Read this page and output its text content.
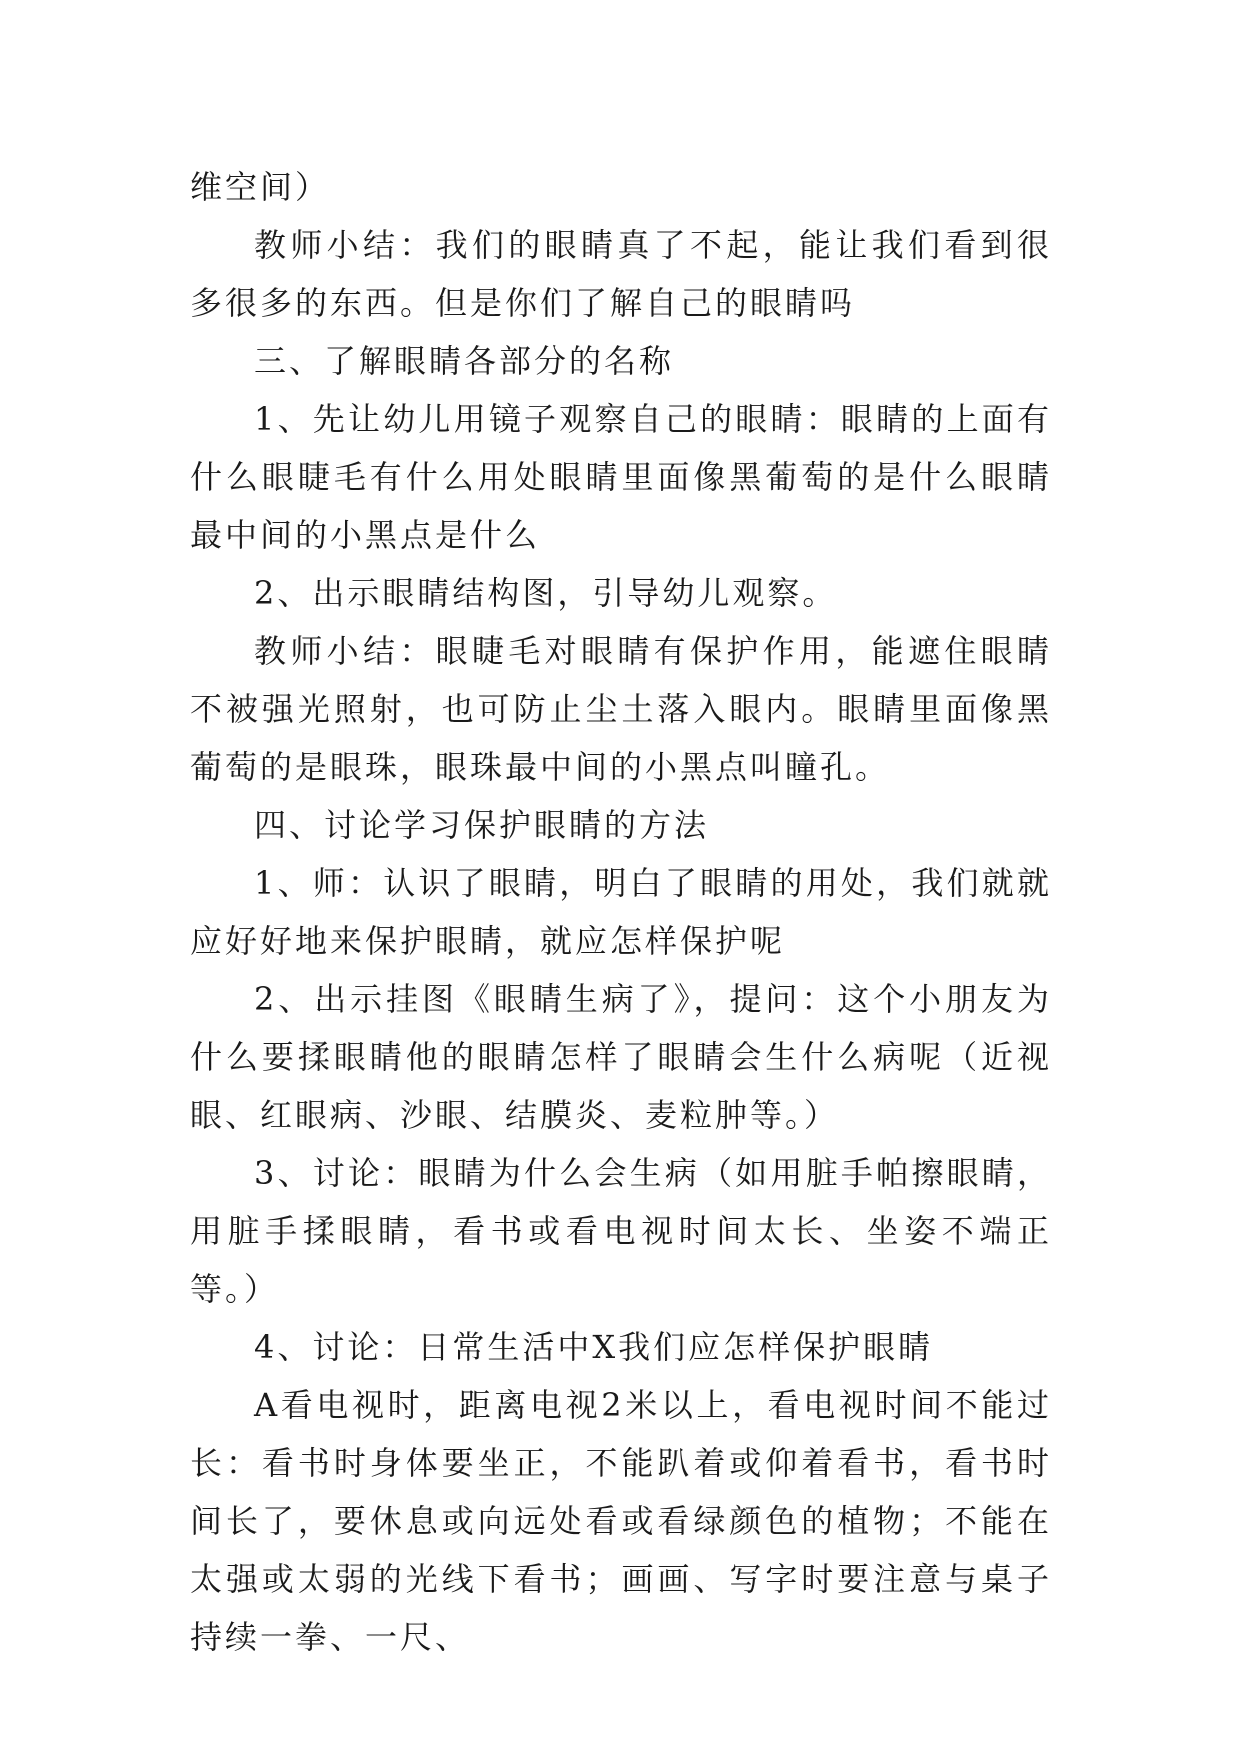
维空间）

教师小结：我们的眼睛真了不起，能让我们看到很多很多的东西。但是你们了解自己的眼睛吗

三、了解眼睛各部分的名称

1、先让幼儿用镜子观察自己的眼睛：眼睛的上面有什么眼睫毛有什么用处眼睛里面像黑葡萄的是什么眼睛最中间的小黑点是什么

2、出示眼睛结构图，引导幼儿观察。

教师小结：眼睫毛对眼睛有保护作用，能遮住眼睛不被强光照射，也可防止尘土落入眼内。眼睛里面像黑葡萄的是眼珠，眼珠最中间的小黑点叫瞳孔。

四、讨论学习保护眼睛的方法

1、师：认识了眼睛，明白了眼睛的用处，我们就就应好好地来保护眼睛，就应怎样保护呢

2、出示挂图《眼睛生病了》，提问：这个小朋友为什么要揉眼睛他的眼睛怎样了眼睛会生什么病呢（近视眼、红眼病、沙眼、结膜炎、麦粒肿等。）

3、讨论：眼睛为什么会生病（如用脏手帕擦眼睛，用脏手揉眼睛，看书或看电视时间太长、坐姿不端正等。）

4、讨论：日常生活中X我们应怎样保护眼睛

A看电视时，距离电视2米以上，看电视时间不能过长：看书时身体要坐正，不能趴着或仰着看书，看书时间长了，要休息或向远处看或看绿颜色的植物；不能在太强或太弱的光线下看书；画画、写字时要注意与桌子持续一拳、一尺、
